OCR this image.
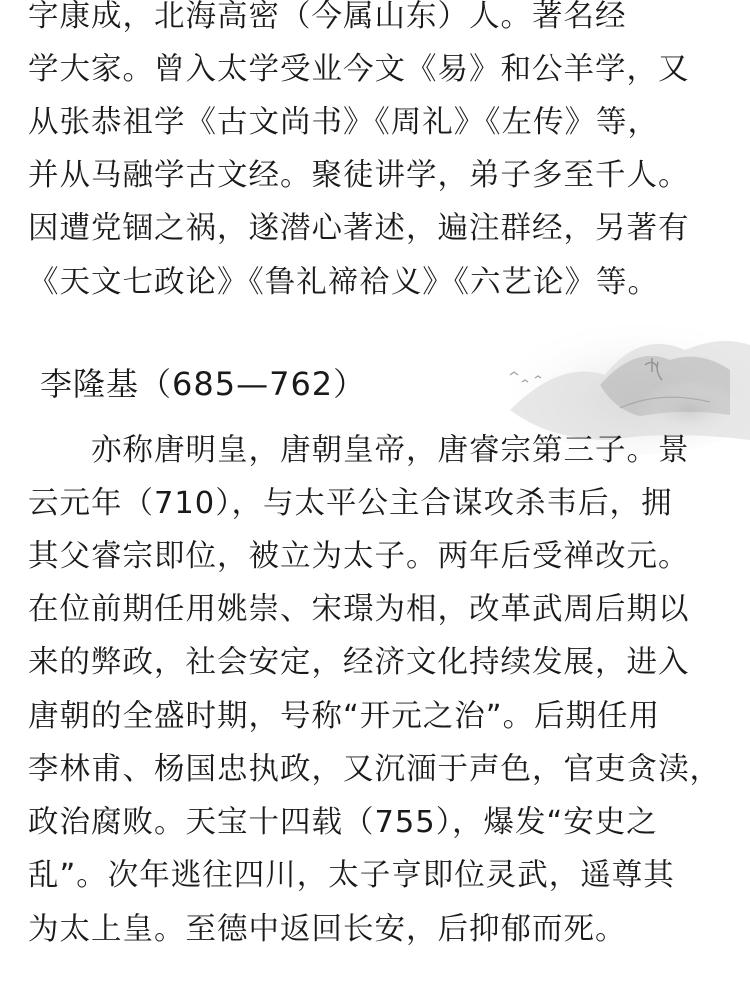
字康成，北海高密（今属山东）人。著名经
学大家。曾入太学受业今文《易》和公羊学，又
从张恭祖学《古文尚书》《周礼》《左传》等，
并从马融学古文经。聚徒讲学，弟子多至千人。
因遭党锢之祸，遂潜心著述，遍注群经，另著有
《天文七政论》《鲁礼禘祫义》《六艺论》等。
李隆基（685—762）
　　亦称唐明皇，唐朝皇帝，唐睿宗第三子。景
云元年（710），与太平公主合谋攻杀韦后，拥
其父睿宗即位，被立为太子。两年后受禅改元。
在位前期任用姚崇、宋璟为相，改革武周后期以
来的弊政，社会安定，经济文化持续发展，进入
唐朝的全盛时期，号称“开元之治”。后期任用
李林甫、杨国忠执政，又沉湎于声色，官吏贪渎，
政治腐败。天宝十四载（755），爆发“安史之
乱”。次年逃往四川，太子亨即位灵武，遥尊其
为太上皇。至德中返回长安，后抑郁而死。
